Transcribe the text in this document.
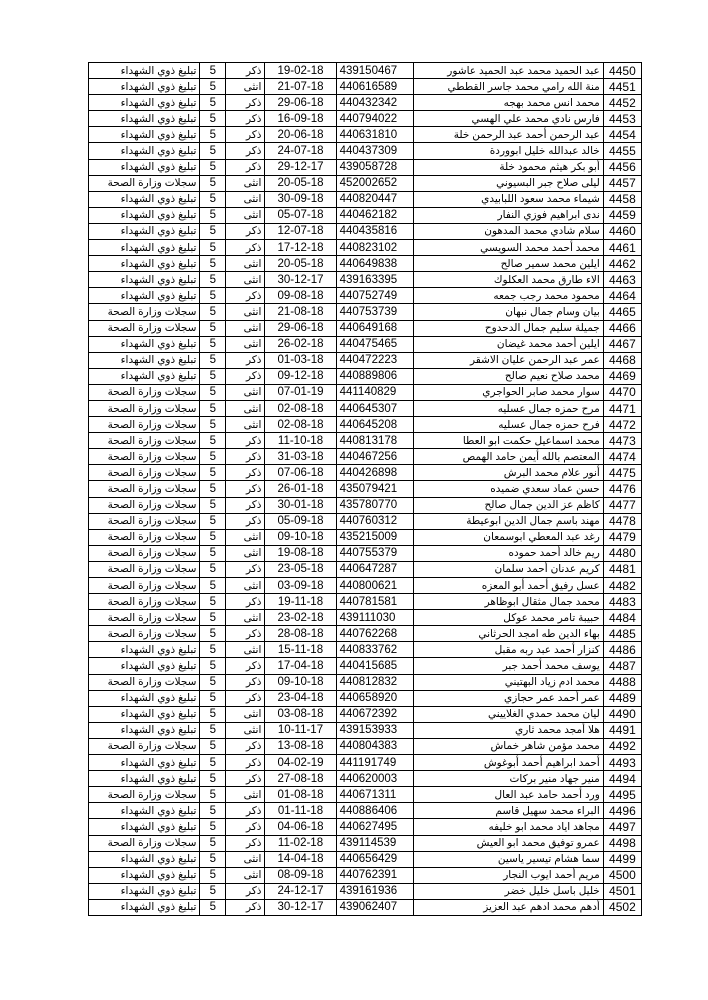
تبليغ ذوي الشهداء	5	ذكر	19-02-18	439150467	عبد الحميد محمد عبد الحميد عاشور	4450
تبليغ ذوي الشهداء	5	انثى	21-07-18	440616589	منة الله رامي محمد جاسر القططي	4451
تبليغ ذوي الشهداء	5	ذكر	29-06-18	440432342	محمد انس محمد بهجه	4452
تبليغ ذوي الشهداء	5	ذكر	16-09-18	440794022	فارس نادي محمد علي الهسي	4453
تبليغ ذوي الشهداء	5	ذكر	20-06-18	440631810	عبد الرحمن أحمد عبد الرحمن خلة	4454
تبليغ ذوي الشهداء	5	ذكر	24-07-18	440437309	خالد عبدالله خليل ابووردة	4455
تبليغ ذوي الشهداء	5	ذكر	29-12-17	439058728	أبو بكر هيثم محمود خلة	4456
سجلات وزارة الصحة	5	انثى	20-05-18	452002652	ليلى صلاح جبر البسيوني	4457
تبليغ ذوي الشهداء	5	انثى	30-09-18	440820447	شيماء محمد سعود اللبابيدي	4458
تبليغ ذوي الشهداء	5	انثى	05-07-18	440462182	ندى ابراهيم فوزي النفار	4459
تبليغ ذوي الشهداء	5	ذكر	12-07-18	440435816	سلام شادي محمد المدهون	4460
تبليغ ذوي الشهداء	5	ذكر	17-12-18	440823102	محمد أحمد محمد السويسي	4461
تبليغ ذوي الشهداء	5	انثى	20-05-18	440649838	ايلين محمد سمير صالح	4462
تبليغ ذوي الشهداء	5	انثى	30-12-17	439163395	الاء طارق محمد العكلوك	4463
تبليغ ذوي الشهداء	5	ذكر	09-08-18	440752749	محمود محمد رجب جمعه	4464
سجلات وزارة الصحة	5	انثى	21-08-18	440753739	بيان وسام جمال نبهان	4465
سجلات وزارة الصحة	5	انثى	29-06-18	440649168	جميلة سليم جمال الدحدوح	4466
تبليغ ذوي الشهداء	5	انثى	26-02-18	440475465	ايلين أحمد محمد غيضان	4467
تبليغ ذوي الشهداء	5	ذكر	01-03-18	440472223	عمر عبد الرحمن عليان الاشقر	4468
تبليغ ذوي الشهداء	5	ذكر	09-12-18	440889806	محمد صلاح نعيم صالح	4469
سجلات وزارة الصحة	5	انثى	07-01-19	441140829	سوار محمد صابر الحواجري	4470
سجلات وزارة الصحة	5	انثى	02-08-18	440645307	مرح حمزه جمال عسليه	4471
سجلات وزارة الصحة	5	انثى	02-08-18	440645208	فرح حمزه جمال عسليه	4472
سجلات وزارة الصحة	5	ذكر	11-10-18	440813178	محمد اسماعيل حكمت ابو العطا	4473
سجلات وزارة الصحة	5	ذكر	31-03-18	440467256	المعتصم بالله أيمن حامد الهمص	4474
سجلات وزارة الصحة	5	ذكر	07-06-18	440426898	أنور علام محمد البرش	4475
سجلات وزارة الصحة	5	ذكر	26-01-18	435079421	حسن عماد سعدي ضميده	4476
سجلات وزارة الصحة	5	ذكر	30-01-18	435780770	كاظم عز الدين جمال صالح	4477
سجلات وزارة الصحة	5	ذكر	05-09-18	440760312	مهند باسم جمال الدين ابوعيطة	4478
سجلات وزارة الصحة	5	انثى	09-10-18	435215009	رغد عبد المعطي ابوسمعان	4479
سجلات وزارة الصحة	5	انثى	19-08-18	440755379	ريم خالد أحمد حموده	4480
سجلات وزارة الصحة	5	ذكر	23-05-18	440647287	كريم عدنان أحمد سلمان	4481
سجلات وزارة الصحة	5	انثى	03-09-18	440800621	عسل رفيق أحمد أبو المعزه	4482
سجلات وزارة الصحة	5	ذكر	19-11-18	440781581	محمد جمال مثقال ابوظاهر	4483
سجلات وزارة الصحة	5	انثى	23-02-18	439111030	حبيبة تامر محمد عوكل	4484
سجلات وزارة الصحة	5	ذكر	28-08-18	440762268	بهاء الدين طه امجد الحرثاني	4485
تبليغ ذوي الشهداء	5	انثى	15-11-18	440833762	كنزار أحمد عبد ربه مقبل	4486
تبليغ ذوي الشهداء	5	ذكر	17-04-18	440415685	يوسف محمد أحمد جبر	4487
سجلات وزارة الصحة	5	ذكر	09-10-18	440812832	محمد ادم زياد البهتيني	4488
تبليغ ذوي الشهداء	5	ذكر	23-04-18	440658920	عمر أحمد عمر حجازي	4489
تبليغ ذوي الشهداء	5	انثى	03-08-18	440672392	ليان محمد حمدي الغلاييني	4490
تبليغ ذوي الشهداء	5	انثى	10-11-17	439153933	هلا أمجد محمد ثاري	4491
سجلات وزارة الصحة	5	ذكر	13-08-18	440804383	محمد مؤمن شاهر خماش	4492
تبليغ ذوي الشهداء	5	ذكر	04-02-19	441191749	أحمد ابراهيم أحمد أبوغوش	4493
تبليغ ذوي الشهداء	5	ذكر	27-08-18	440620003	منير جهاد منير بركات	4494
سجلات وزارة الصحة	5	انثى	01-08-18	440671311	ورد أحمد حامد عبد العال	4495
تبليغ ذوي الشهداء	5	ذكر	01-11-18	440886406	البراء محمد سهيل قاسم	4496
تبليغ ذوي الشهداء	5	ذكر	04-06-18	440627495	مجاهد اياد محمد ابو خليفه	4497
سجلات وزارة الصحة	5	ذكر	11-02-18	439114539	عمرو توفيق محمد ابو العيش	4498
تبليغ ذوي الشهداء	5	انثى	14-04-18	440656429	سما هشام تيسير ياسين	4499
تبليغ ذوي الشهداء	5	انثى	08-09-18	440762391	مريم أحمد ايوب النجار	4500
تبليغ ذوي الشهداء	5	ذكر	24-12-17	439161936	خليل باسل خليل خضر	4501
تبليغ ذوي الشهداء	5	ذكر	30-12-17	439062407	أدهم محمد ادهم عبد العزيز	4502
